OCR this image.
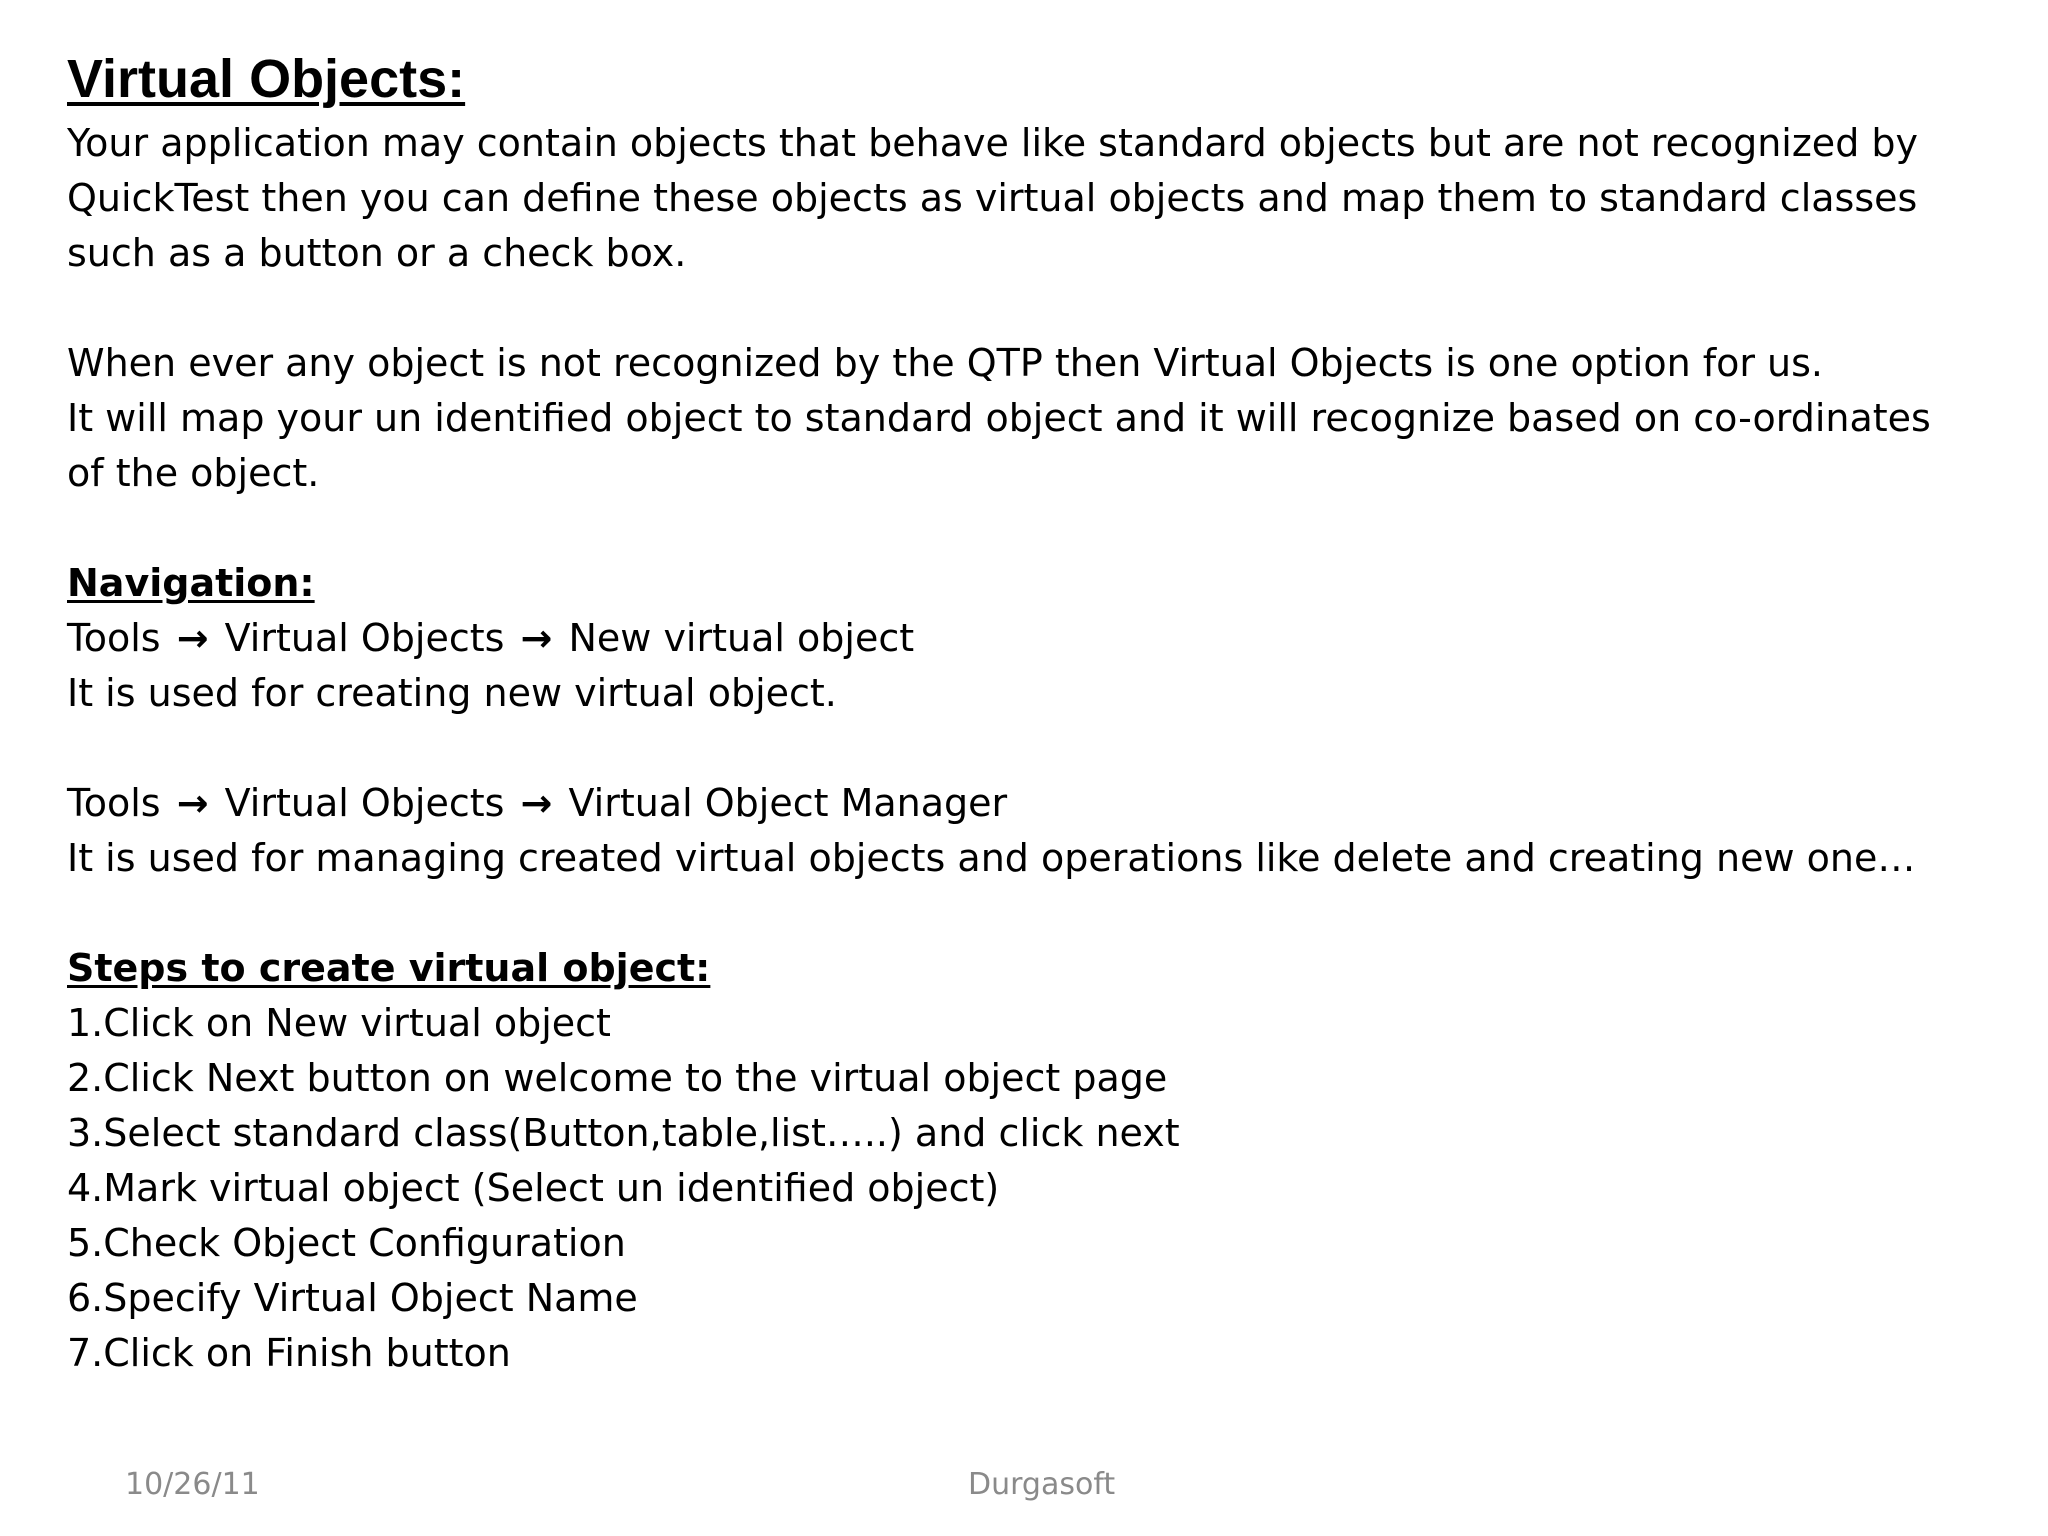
Virtual Objects:

Your application may contain objects that behave like standard objects but are not recognized by

QuickTest then you can define these objects as virtual objects and map them to standard classes

such as a button or a check box.

When ever any object is not recognized by the QTP then Virtual Objects is one option for us.

It will map your un identified object to standard object and it will recognize based on co-ordinates

of the object.

Navigation:

Tools → Virtual Objects → New virtual object

It is used for creating new virtual object.

Tools → Virtual Objects → Virtual Object Manager

It is used for managing created virtual objects and operations like delete and creating new one…

Steps to create virtual object:

1.Click on New virtual object

2.Click Next button on welcome to the virtual object page

3.Select standard class(Button,table,list…..) and click next

4.Mark virtual object (Select un identified object)

5.Check Object Configuration

6.Specify Virtual Object Name

7.Click on Finish button

10/26/11	Durgasoft
